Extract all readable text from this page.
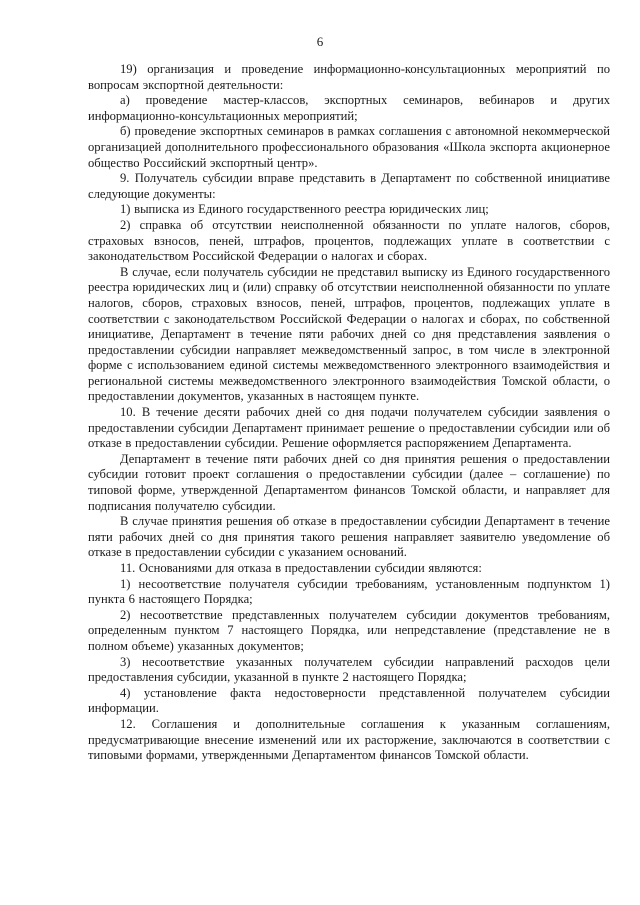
6

19) организация и проведение информационно-консультационных мероприятий по вопросам экспортной деятельности:

а) проведение мастер-классов, экспортных семинаров, вебинаров и других информационно-консультационных мероприятий;

б) проведение экспортных семинаров в рамках соглашения с автономной некоммерческой организацией дополнительного профессионального образования «Школа экспорта акционерное общество Российский экспортный центр».

9. Получатель субсидии вправе представить в Департамент по собственной инициативе следующие документы:

1) выписка из Единого государственного реестра юридических лиц;

2) справка об отсутствии неисполненной обязанности по уплате налогов, сборов, страховых взносов, пеней, штрафов, процентов, подлежащих уплате в соответствии с законодательством Российской Федерации о налогах и сборах.

В случае, если получатель субсидии не представил выписку из Единого государственного реестра юридических лиц и (или) справку об отсутствии неисполненной обязанности по уплате налогов, сборов, страховых взносов, пеней, штрафов, процентов, подлежащих уплате в соответствии с законодательством Российской Федерации о налогах и сборах, по собственной инициативе, Департамент в течение пяти рабочих дней со дня представления заявления о предоставлении субсидии направляет межведомственный запрос, в том числе в электронной форме с использованием единой системы межведомственного электронного взаимодействия и региональной системы межведомственного электронного взаимодействия Томской области, о предоставлении документов, указанных в настоящем пункте.

10. В течение десяти рабочих дней со дня подачи получателем субсидии заявления о предоставлении субсидии Департамент принимает решение о предоставлении субсидии или об отказе в предоставлении субсидии. Решение оформляется распоряжением Департамента.

Департамент в течение пяти рабочих дней со дня принятия решения о предоставлении субсидии готовит проект соглашения о предоставлении субсидии (далее – соглашение) по типовой форме, утвержденной Департаментом финансов Томской области, и направляет для подписания получателю субсидии.

В случае принятия решения об отказе в предоставлении субсидии Департамент в течение пяти рабочих дней со дня принятия такого решения направляет заявителю уведомление об отказе в предоставлении субсидии с указанием оснований.

11. Основаниями для отказа в предоставлении субсидии являются:

1) несоответствие получателя субсидии требованиям, установленным подпунктом 1) пункта 6 настоящего Порядка;

2) несоответствие представленных получателем субсидии документов требованиям, определенным пунктом 7 настоящего Порядка, или непредставление (представление не в полном объеме) указанных документов;

3) несоответствие указанных получателем субсидии направлений расходов цели предоставления субсидии, указанной в пункте 2 настоящего Порядка;

4) установление факта недостоверности представленной получателем субсидии информации.

12. Соглашения и дополнительные соглашения к указанным соглашениям, предусматривающие внесение изменений или их расторжение, заключаются в соответствии с типовыми формами, утвержденными Департаментом финансов Томской области.
